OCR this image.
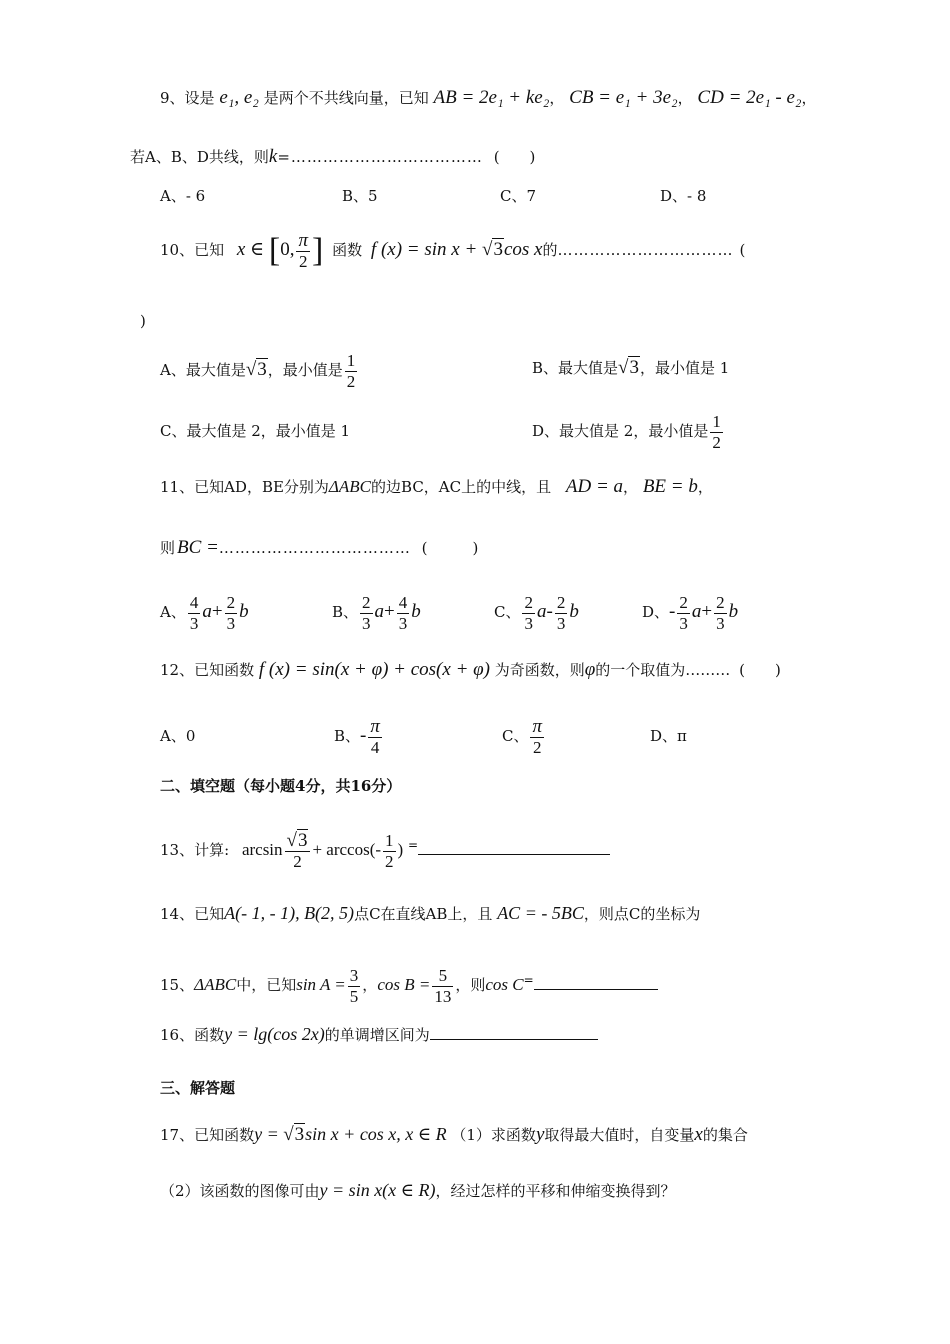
9、设是 e₁, e₂ 是两个不共线向量，已知 AB = 2e₁ + ke₂， CB = e₁ + 3e₂， CD = 2e₁ - e₂，
若A、B、D共线，则k=……………………………… (　　)
A、- 6	B、5	C、7	D、- 8
10、已知 x ∈ [0, $\frac{\pi}{2}$ ] 函数 f (x) = sin x + √3cos x的…………………………… (
)
A、最大值是√3，最小值是 $\frac{1}{2}$	B、最大值是√3，最小值是 1
C、最大值是 2，最小值是 1	D、最大值是 2，最小值是 $\frac{1}{2}$
11、已知AD，BE分别为ΔABC的边BC，AC上的中线，且 AD = a， BE = b，
则 BC =……………………………… (　　　)
A、 $\frac{4}{3} a+ \frac{2}{3}$ b	B、 $\frac{2}{3} a+ \frac{4}{3}$ b	C、 $\frac{2}{3} a- \frac{2}{3}$ b	D、- $\frac{2}{3} a+ \frac{2}{3}$ b
12、已知函数 f (x) = sin(x + φ) + cos(x + φ) 为奇函数，则φ的一个取值为……… (　　)
A、0	B、- $\frac{\pi}{4}$	C、 $\frac{\pi}{2}$	D、π
二、填空题（每小题4分，共16分）
13、计算: $\arcsin \frac{√3}{2} + \arccos(- \frac{1}{2}$ ) =
14、已知A(- 1, - 1), B(2, 5)点C在直线AB上，且 AC = - 5BC，则点C的坐标为
15、ΔABC中，已知$\sin A = \frac{3}{5}$ ，$\cos B = \frac{5}{13}$ ，则cos C=
16、函数y = lg(cos 2x)的单调增区间为
三、解答题
17、已知函数y = √3sin x + cos x, x ∈ R （1）求函数y取得最大值时，自变量x的集合
（2）该函数的图像可由y = sin x(x ∈ R)，经过怎样的平移和伸缩变换得到？
